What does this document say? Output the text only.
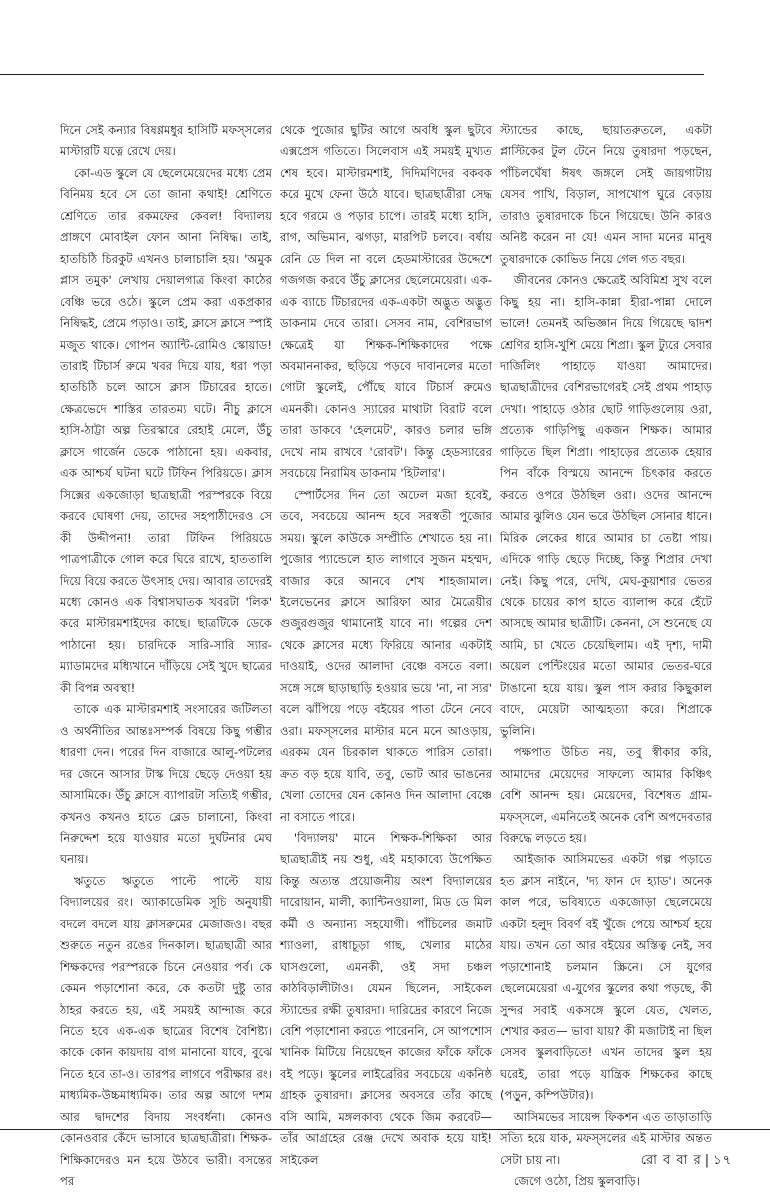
দিনে সেই কন্যার বিষণ্ণমধুর হাসিটি মফস্সলের মাস্টারটি যত্নে রেখে দেয়।

কো-এড স্কুলে যে ছেলেমেয়েদের মধ্যে প্রেম বিনিময় হবে সে তো জানা কথাই! শ্রেণিতে শ্রেণিতে তার রকমফের কেবল! বিদ্যালয় প্রাঙ্গণে মোবাইল ফোন আনা নিষিদ্ধ। তাই, হাতচিঠি চিরকুট এখনও চালাচালি হয়। 'অমুক প্লাস তমুক' লেখায় দেয়ালগাত্র কিংবা কাঠের বেঞ্চি ভরে ওঠে। স্কুলে প্রেম করা একপ্রকার নিষিদ্ধই, প্রেমে পড়াও। তাই, ক্লাসে ক্লাসে স্পাই মজুত থাকে। গোপন অ্যান্টি-রোমিও স্কোয়াড! তারাই টিচার্স রুমে খবর দিয়ে যায়, ধরা পড়া হাতচিঠি চলে আসে ক্লাস টিচারের হাতে। ক্ষেত্রভেদে শাস্তির তারতম্য ঘটে। নীচু ক্লাসে হাসি-ঠাট্টা অল্প তিরস্কারে রেহাই মেলে, উঁচু ক্লাসে গার্জেন ডেকে পাঠানো হয়। একবার, এক আশ্চর্য ঘটনা ঘটে টিফিন পিরিয়ডে। ক্লাস সিক্সের একজোড়া ছাত্রছাত্রী পরস্পরকে বিয়ে করবে ঘোষণা দেয়, তাদের সহপাঠীদেরও সে কী উদ্দীপনা! তারা টিফিন পিরিয়ডে পাত্রপাত্রীকে গোল করে ঘিরে রাখে, হাততালি দিয়ে বিয়ে করতে উৎসাহ দেয়। আবার তাদেরই মধ্যে কোনও এক বিশ্বাসঘাতক খবরটা 'লিক' করে মাস্টারমশাইদের কাছে। ছাত্রটিকে ডেকে পাঠানো হয়। চারদিকে সারি-সারি স্যার-ম্যাডামদের মধ্যিখানে দাঁড়িয়ে সেই খুদে ছাত্রের কী বিপন্ন অবস্থা!

তাকে এক মাস্টারমশাই সংসারের জটিলতা ও অর্থনীতির আন্তঃসম্পর্ক বিষয়ে কিছু গম্ভীর ধারণা দেন। পরের দিন বাজারে আলু-পটলের দর জেনে আসার টাস্ক দিয়ে ছেড়ে দেওয়া হয় আসামিকে। উঁচু ক্লাসে ব্যাপারটা সত্যিই গম্ভীর, কখনও কখনও হাতে ব্লেড চালানো, কিংবা নিরুদ্দেশ হয়ে যাওয়ার মতো দুর্ঘটনার মেঘ ঘনায়।

ঋতুতে ঋতুতে পাল্টে পাল্টে যায় বিদ্যালয়ের রং। অ্যাকাডেমিক সূচি অনুযায়ী বদলে বদলে যায় ক্লাসরুমের মেজাজও। বছর শুরুতে নতুন রঙের দিনকাল। ছাত্রছাত্রী আর শিক্ষকদের পরস্পরকে চিনে নেওয়ার পর্ব। কে কেমন পড়াশোনা করে, কে কতটা দুষ্টু তার ঠাহর করতে হয়, এই সময়ই আন্দাজ করে নিতে হবে এক-এক ছাত্রের বিশেষ বৈশিষ্ট্য। কাকে কোন কায়দায় বাগ মানানো যাবে, বুঝে নিতে হবে তা-ও। তারপর লাগবে পরীক্ষার রং। মাধ্যমিক-উচ্চমাধ্যমিক। তার অল্প আগে দশম আর দ্বাদশের বিদায় সংবর্ধনা। কোনও কোনওবার কেঁদে ভাসাবে ছাত্রছাত্রীরা। শিক্ষক-শিক্ষিকাদেরও মন হয়ে উঠবে ভারী। বসন্তের পর

থেকে পুজোর ছুটির আগে অবধি স্কুল ছুটবে এক্সপ্রেস গতিতে। সিলেবাস এই সময়ই মুখ্যত শেষ হবে। মাস্টারমশাই, দিদিমণিদের বকবক করে মুখে ফেনা উঠে যাবে। ছাত্রছাত্রীরা সেদ্ধ হবে গরমে ও পড়ার চাপে। তারই মধ্যে হাসি, রাগ, অভিমান, ঝগড়া, মারপিট চলবে। বর্ষায় রেনি ডে দিল না বলে হেডমাস্টারের উদ্দেশে গজগজ করবে উঁচু ক্লাসের ছেলেমেয়েরা। এক-এক ব্যাচে টিচারদের এক-একটা অদ্ভুত অদ্ভুত ডাকনাম দেবে তারা। সেসব নাম, বেশিরভাগ ক্ষেত্রেই যা শিক্ষক-শিক্ষিকাদের পক্ষে অবমাননাকর, ছড়িয়ে পড়বে দাবানলের মতো গোটা স্কুলেই, পৌঁছে যাবে টিচার্স রুমেও এমনকী। কোনও স্যারের মাথাটা বিরাট বলে তারা ডাকবে 'হেলমেট', কারও চলার ভঙ্গি দেখে নাম রাখবে 'রোবট'। কিন্তু হেডস্যারের সবচেয়ে নিরামিষ ডাকনাম 'হিটলার'।

স্পোর্টসের দিন তো অঢেল মজা হবেই, তবে, সবচেয়ে আনন্দ হবে সরস্বতী পুজোর সময়। স্কুলে কাউকে সম্প্রীতি শেখাতে হয় না। পুজোর প্যান্ডেলে হাত লাগাবে সুজন মহম্মদ, বাজার করে আনবে শেখ শাহজামাল। ইলেভেনের ক্লাসে আরিফা আর মৈত্রেয়ীর গুজুরগুজুর থামানোই যাবে না। গল্পের দেশ থেকে ক্লাসের মধ্যে ফিরিয়ে আনার একটাই দাওয়াই, ওদের আলাদা বেঞ্চে বসতে বলা। সঙ্গে সঙ্গে ছাড়াছাড়ি হওয়ার ভয়ে 'না, না স্যর' বলে ঝাঁপিয়ে পড়ে বইয়ের পাতা টেনে নেবে ওরা। মফস্সলের মাস্টার মনে মনে আওড়ায়, এরকম যেন চিরকাল থাকতে পারিস তোরা। ক্রত বড় হয়ে যাবি, তবু, ভোট আর ভাঙনের খেলা তোদের যেন কোনও দিন আলাদা বেঞ্চে না বসাতে পারে।

'বিদ্যালয়' মানে শিক্ষক-শিক্ষিকা আর ছাত্রছাত্রীই নয় শুধু, এই মহাকাব্যে উপেক্ষিত কিন্তু অত্যন্ত প্রয়োজনীয় অংশ বিদ্যালয়ের দারোয়ান, মালী, ক্যান্টিনওয়ালা, মিড ডে মিল কর্মী ও অন্যান্য সহযোগী। পাঁচিলের জমাট শ্যাওলা, রাধাচূড়া গাছ, খেলার মাঠের ঘাসগুলো, এমনকী, ওই সদা চঞ্চল কাঠবিড়ালীটাও। যেমন ছিলেন, সাইকেল স্ট্যান্ডের রক্ষী তুষারদা। দারিদ্রের কারণে নিজে বেশি পড়াশোনা করতে পারেননি, সে আপশোস খানিক মিটিয়ে নিয়েছেন কাজের ফাঁকে ফাঁকে বই পড়ে। স্কুলের লাইব্রেরির সবচেয়ে একনিষ্ঠ গ্রাহক তুষারদা। ক্লাসের অবসরে তাঁর কাছে বসি আমি, মঙ্গলকাব্য থেকে জিম করবেট— তাঁর আগ্রহের রেঞ্জ দেখে অবাক হয়ে যাই! সাইকেল

স্ট্যান্ডের কাছে, ছায়াতরুতলে, একটা প্লাস্টিকের টুল টেনে নিয়ে তুষারদা পড়ছেন, পাঁচিলঘেঁষা ঈষৎ জঙ্গলে সেই জায়গাটায় যেসব পাখি, বিড়াল, সাপখোপ ঘুরে বেড়ায় তারাও তুষারদাকে চিনে গিয়েছে। উনি কারও অনিষ্ট করেন না যে! এমন সাদা মনের মানুষ তুষারদাকে কোভিড নিয়ে গেল গত বছর।

জীবনের কোনও ক্ষেত্রেই অবিমিশ্র সুখ বলে কিছু হয় না। হাসি-কান্না হীরা-পান্না দোলে ভালে! তেমনই অভিজ্ঞান দিয়ে গিয়েছে দ্বাদশ শ্রেণির হাসি-খুশি মেয়ে শিপ্রা। স্কুল ট্যুরে সেবার দার্জিলিং পাহাড়ে যাওয়া আমাদের। ছাত্রছাত্রীদের বেশিরভাগেরই সেই প্রথম পাহাড় দেখা। পাহাড়ে ওঠার ছোট গাড়িগুলোয় ওরা, প্রত্যেক গাড়িপিছু একজন শিক্ষক। আমার গাড়িতে ছিল শিপ্রা। পাহাড়ের প্রত্যেক হেয়ার পিন বাঁকে বিস্ময়ে আনন্দে চিৎকার করতে করতে ওপরে উঠছিল ওরা। ওদের আনন্দে আমার ঝুলিও যেন ভরে উঠছিল সোনার ধানে। মিরিক লেকের ধারে আমার চা তেষ্টা পায়। এদিকে গাড়ি ছেড়ে দিচ্ছে, কিন্তু শিপ্রার দেখা নেই। কিছু পরে, দেখি, মেঘ-কুয়াশার ভেতর থেকে চায়ের কাপ হাতে ব্যালান্স করে হেঁটে আসছে আমার ছাত্রীটি। কেননা, সে শুনেছে যে আমি, চা খেতে চেয়েছিলাম। এই দৃশ্য, দামী অয়েল পেন্টিংয়ের মতো আমার ভেতর-ঘরে টাঙানো হয়ে যায়। স্কুল পাস করার কিছুকাল বাদে, মেয়েটা আত্মহত্যা করে। শিপ্রাকে ভুলিনি।

পক্ষপাত উচিত নয়, তবু স্বীকার করি, আমাদের মেয়েদের সাফল্যে আমার কিঞ্চিৎ বেশি আনন্দ হয়। মেয়েদের, বিশেষত গ্রাম-মফস্সলে, এমনিতেই অনেক বেশি অপদেবতার বিরুদ্ধে লড়তে হয়।

আইজাক আসিমভের একটা গল্প পড়াতে হত ক্লাস নাইনে, 'দ্য ফান দে হ্যাড'। অনেক কাল পরে, ভবিষ্যতে একজোড়া ছেলেমেয়ে একটা হলুদ বিবর্ণ বই খুঁজে পেয়ে আশ্চর্য হয়ে যায়। তখন তো আর বইয়ের অস্তিত্ব নেই, সব পড়াশোনাই চলমান স্ক্রিনে। সে যুগের ছেলেমেয়েরা এ-যুগের স্কুলের কথা পড়ছে, কী সুন্দর সবাই একসঙ্গে স্কুলে যেত, খেলত, শেখার করত— ভাবা যায়? কী মজাটাই না ছিল সেসব স্কুলবাড়িতে! এখন তাদের স্কুল হয় ঘরেই, তারা পড়ে যান্ত্রিক শিক্ষকের কাছে (পড়ুন, কম্পিউটার)।

আসিমভের সায়েন্স ফিকশন এত তাড়াতাড়ি সত্যি হয়ে যাক, মফস্সলের এই মাস্টার অন্তত সেটা চায় না।

জেগে ওঠো, প্রিয় স্কুলবাড়ি।

রো ব বা র | ১৭
